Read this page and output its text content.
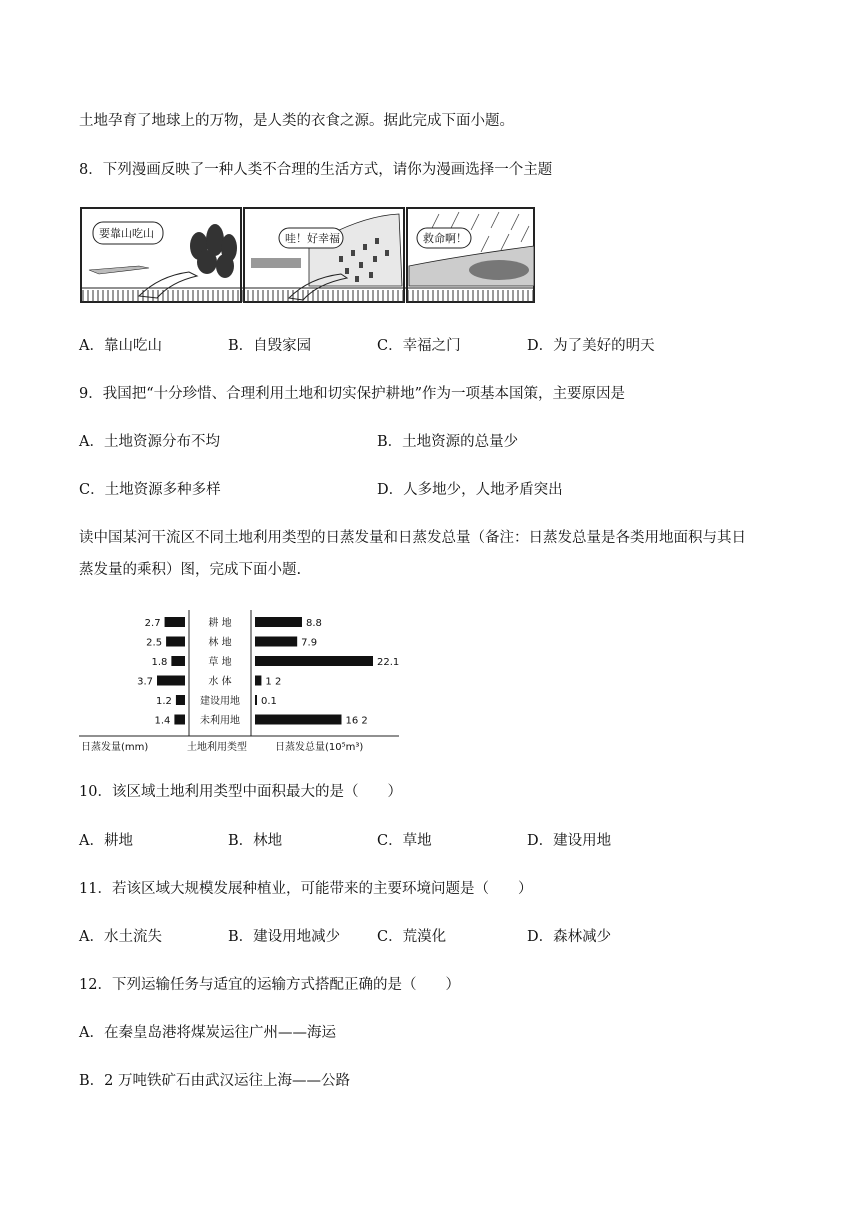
土地孕育了地球上的万物，是人类的衣食之源。据此完成下面小题。
8．下列漫画反映了一种人类不合理的生活方式，请你为漫画选择一个主题
要靠山吃山	哇！好幸福	救命啊！
A．靠山吃山	B．自毁家园	C．幸福之门	D．为了美好的明天
9．我国把“十分珍惜、合理利用土地和切实保护耕地”作为一项基本国策，主要原因是
A．土地资源分布不均	B．土地资源的总量少
C．土地资源多种多样	D．人多地少，人地矛盾突出
读中国某河干流区不同土地利用类型的日蒸发量和日蒸发总量（备注：日蒸发总量是各类用地面积与其日
蒸发量的乘积）图，完成下面小题.
耕 地
2.7	8.8
林 地
2.5	7.9
草 地
1.8	22.1
水 体
3.7	1 2
建设用地
1.2	0.1
未利用地
1.4	16 2
日蒸发量(mm)	土地利用类型	日蒸发总量(10⁵m³)
10．该区域土地利用类型中面积最大的是（　　）
A．耕地	B．林地	C．草地	D．建设用地
11．若该区域大规模发展种植业，可能带来的主要环境问题是（　　）
A．水土流失	B．建设用地减少	C．荒漠化	D．森林减少
12．下列运输任务与适宜的运输方式搭配正确的是（　　）
A．在秦皇岛港将煤炭运往广州——海运
B．2 万吨铁矿石由武汉运往上海——公路
